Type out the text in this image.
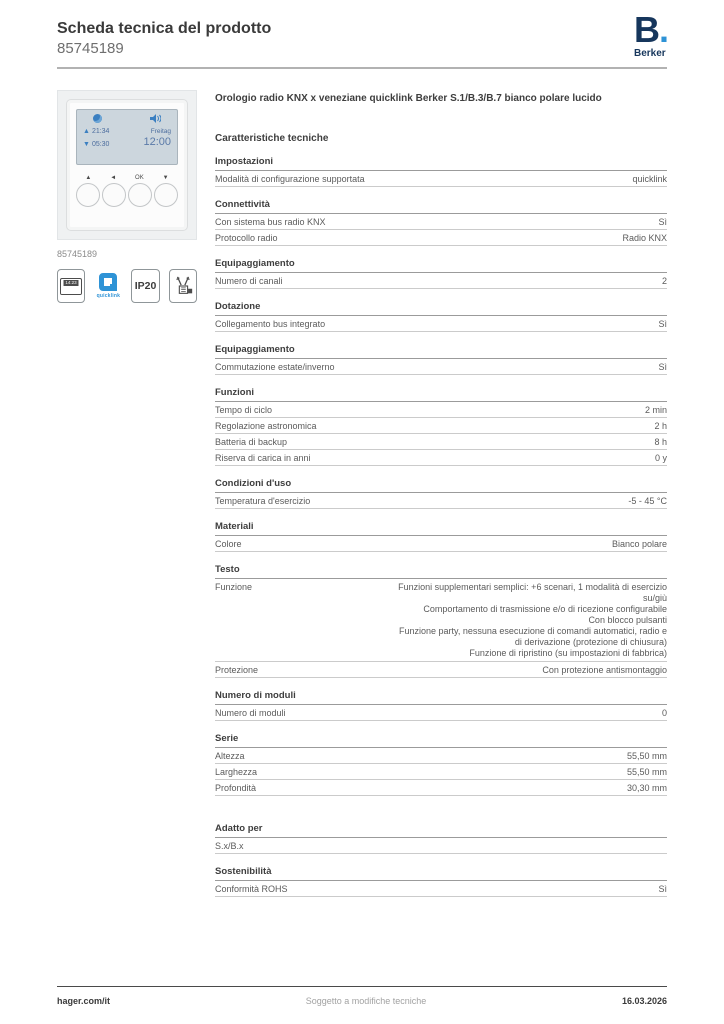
Scheda tecnica del prodotto
85745189	B.
Berker
▲ 21:34	Freitag
▼ 05:30	12:00
▲	◄	OK	▼
85745189
14:23
quicklink
IP20
Orologio radio KNX x veneziane quicklink Berker S.1/B.3/B.7 bianco polare lucido
Caratteristiche tecniche
Impostazioni
Modalità di configurazione supportata	quicklink
Connettività
Con sistema bus radio KNX	Sì
Protocollo radio	Radio KNX
Equipaggiamento
Numero di canali	2
Dotazione
Collegamento bus integrato	Sì
Equipaggiamento
Commutazione estate/inverno	Sì
Funzioni
Tempo di ciclo	2 min
Regolazione astronomica	2 h
Batteria di backup	8 h
Riserva di carica in anni	0 y
Condizioni d'uso
Temperatura d'esercizio	-5 - 45 °C
Materiali
Colore	Bianco polare
Testo
Funzione	Funzioni supplementari semplici: +6 scenari, 1 modalità di esercizio
su/giù
Comportamento di trasmissione e/o di ricezione configurabile
Con blocco pulsanti
Funzione party, nessuna esecuzione di comandi automatici, radio e
di derivazione (protezione di chiusura)
Funzione di ripristino (su impostazioni di fabbrica)
Protezione	Con protezione antismontaggio
Numero di moduli
Numero di moduli	0
Serie
Altezza	55,50 mm
Larghezza	55,50 mm
Profondità	30,30 mm
Adatto per
S.x/B.x
Sostenibilità
Conformità ROHS	Sì
hager.com/it	Soggetto a modifiche tecniche	16.03.2026
